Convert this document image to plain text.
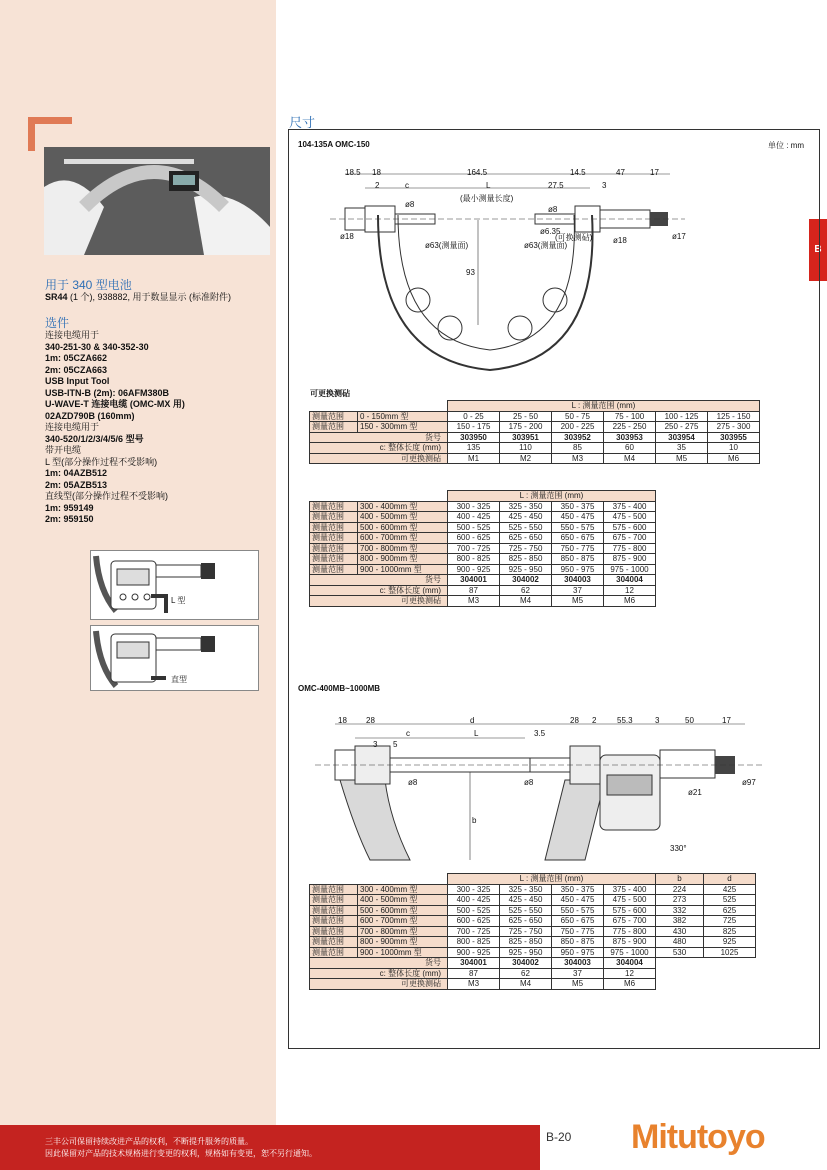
用于 340 型电池
SR44 (1 个), 938882, 用于数显显示 (标准附件)
选件
连接电缆用于
340-251-30 & 340-352-30
1m: 05CZA662
2m: 05CZA663
USB Input Tool
USB-ITN-B (2m): 06AFM380B
U-WAVE-T 连接电缆 (OMC-MX 用)
02AZD790B (160mm)
连接电缆用于
340-520/1/2/3/4/5/6 型号
带开电缆
L 型(部分操作过程不受影响)
1m: 04AZB512
2m: 05AZB513
直线型(部分操作过程不受影响)
1m: 959149
2m: 959150
L 型
直型
B
尺寸
104-135A OMC-150	单位 : mm
18.5 18	164.5	14.5	47	17
2	c	L	27.5	3
(最小测量长度)
ø18
ø8
ø8
ø18	ø17
93
ø63(测量面)	ø63(测量面)
ø6.35
(可换测砧)
可更换测砧
		L : 测量范围 (mm)					
测量范围	0 - 150mm 型	0 - 25	25 - 50	50 - 75	75 - 100	100 - 125	125 - 150
测量范围	150 - 300mm 型	150 - 175	175 - 200	200 - 225	225 - 250	250 - 275	275 - 300
货号		303950	303951	303952	303953	303954	303955
c: 整体长度 (mm)		135	110	85	60	35	10
可更换测砧		M1	M2	M3	M4	M5	M6
		L : 测量范围 (mm)			
测量范围	300 - 400mm 型	300 - 325	325 - 350	350 - 375	375 - 400
测量范围	400 - 500mm 型	400 - 425	425 - 450	450 - 475	475 - 500
测量范围	500 - 600mm 型	500 - 525	525 - 550	550 - 575	575 - 600
测量范围	600 - 700mm 型	600 - 625	625 - 650	650 - 675	675 - 700
测量范围	700 - 800mm 型	700 - 725	725 - 750	750 - 775	775 - 800
测量范围	800 - 900mm 型	800 - 825	825 - 850	850 - 875	875 - 900
测量范围	900 - 1000mm 型	900 - 925	925 - 950	950 - 975	975 - 1000
货号		304001	304002	304003	304004
c: 整体长度 (mm)		87	62	37	12
可更换测砧		M3	M4	M5	M6
OMC-400MB~1000MB
18 28	d	28 2	55.3	3	50	17
c	L	3.5
3 5
ø8	ø8
ø21
ø97
b
330°
		L : 测量范围 (mm)				b	d
测量范围	300 - 400mm 型	300 - 325	325 - 350	350 - 375	375 - 400	224	425
测量范围	400 - 500mm 型	400 - 425	425 - 450	450 - 475	475 - 500	273	525
测量范围	500 - 600mm 型	500 - 525	525 - 550	550 - 575	575 - 600	332	625
测量范围	600 - 700mm 型	600 - 625	625 - 650	650 - 675	675 - 700	382	725
测量范围	700 - 800mm 型	700 - 725	725 - 750	750 - 775	775 - 800	430	825
测量范围	800 - 900mm 型	800 - 825	825 - 850	850 - 875	875 - 900	480	925
测量范围	900 - 1000mm 型	900 - 925	925 - 950	950 - 975	975 - 1000	530	1025
货号		304001	304002	304003	304004		
c: 整体长度 (mm)		87	62	37	12		
可更换测砧		M3	M4	M5	M6		
三丰公司保留持续改进产品的权利，不断提升服务的质量。
因此保留对产品的技术规格进行变更的权利，规格如有变更，恕不另行通知。
B-20 Mitutoyo
